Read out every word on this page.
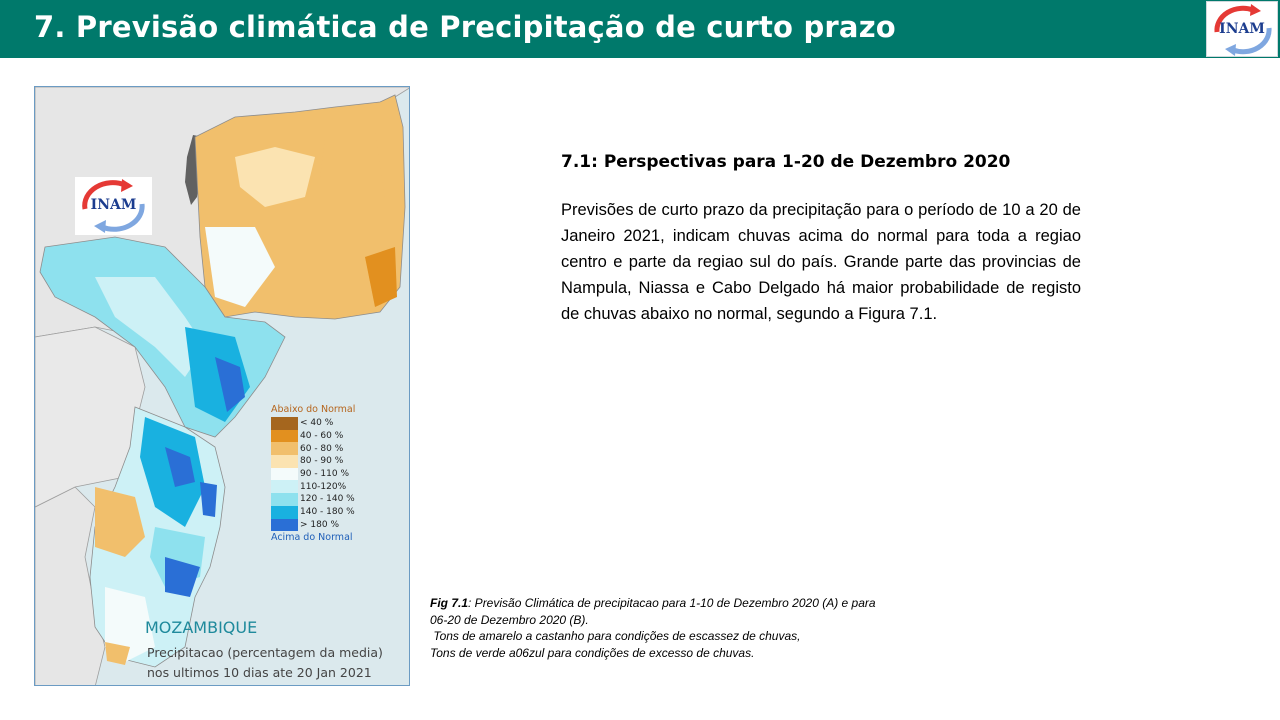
7. Previsão climática de Precipitação de curto prazo	INAM
INAM
Abaixo do Normal
< 40 %
40 - 60 %
60 - 80 %
80 - 90 %
90 - 110 %
110-120%
120 - 140 %
140 - 180 %
> 180 %
Acima do Normal
MOZAMBIQUE
Precipitacao (percentagem da media)
nos ultimos 10 dias ate 20 Jan 2021
7.1: Perspectivas para 1-20 de Dezembro 2020
Previsões de curto prazo da precipitação para o período de 10 a 20 de Janeiro 2021, indicam chuvas acima do normal para toda a regiao centro e parte da regiao sul do país. Grande parte das provincias de Nampula, Niassa e Cabo Delgado há maior probabilidade de registo de chuvas abaixo no normal, segundo a Figura 7.1.
Fig 7.1: Previsão Climática de precipitacao para 1-10 de Dezembro 2020 (A) e para 06-20 de Dezembro 2020 (B).
Tons de amarelo a castanho para condições de escassez de chuvas,
Tons de verde a06zul para condições de excesso de chuvas.
